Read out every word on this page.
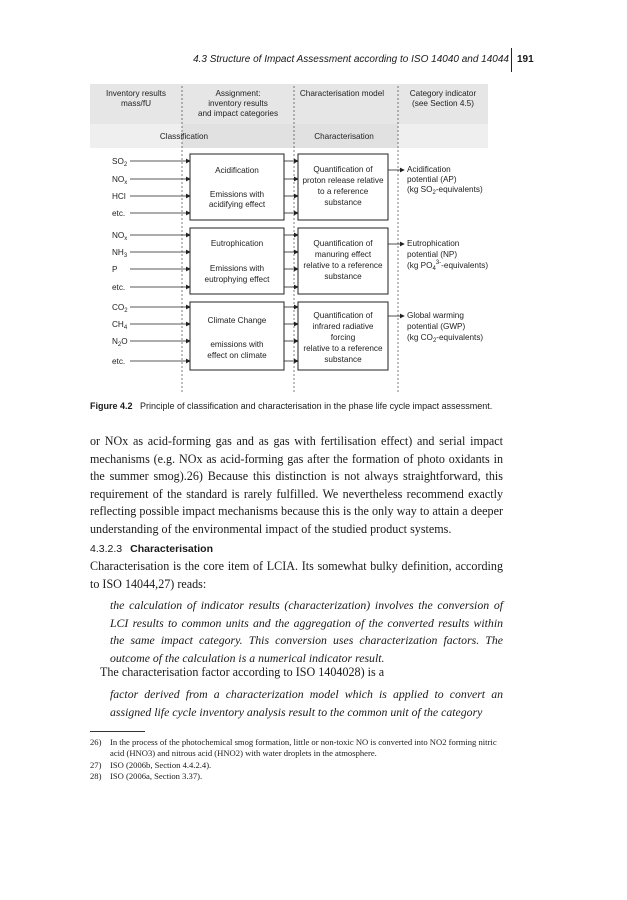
4.3 Structure of Impact Assessment according to ISO 14040 and 14044 191
Inventory results
mass/fU
Assignment:
inventory results
and impact categories
Characterisation model	Category indicator
(see Section 4.5)
Classification	Characterisation
$SO_2$
$NO_x$
HCl
etc.
Acidification
Emissions with
acidifying effect
Quantification of
proton release relative
to a reference
substance
Acidification
potential (AP)
(kg $SO_2-equivalents$)
$NO_x$
$NH_3$
P
etc.
Eutrophication
Emissions with
eutrophying effect
Quantification of
manuring effect
relative to a reference
substance
Eutrophication
potential (NP)
(kg $PO_4^{3-}-equivalents$)
$CO_2$
$CH_4$
$N_2O$
etc.
Climate Change
emissions with
effect on climate
Quantification of
infrared radiative
forcing
relative to a reference
substance
Global warming
potential (GWP)
(kg $CO_2-equivalents$)
Figure 4.2 Principle of classification and characterisation in the phase life cycle impact assessment.
or NOx as acid-forming gas and as gas with fertilisation effect) and serial impact mechanisms (e.g. NOx as acid-forming gas after the formation of photo oxidants in the summer smog).26) Because this distinction is not always straightforward, this requirement of the standard is rarely fulfilled. We nevertheless recommend exactly reflecting possible impact mechanisms because this is the only way to attain a deeper understanding of the environmental impact of the studied product systems.
4.3.2.3 Characterisation
Characterisation is the core item of LCIA. Its somewhat bulky definition, according to ISO 14044,27) reads:
the calculation of indicator results (characterization) involves the conversion of LCI results to common units and the aggregation of the converted results within the same impact category. This conversion uses characterization factors. The outcome of the calculation is a numerical indicator result.
The characterisation factor according to ISO 1404028) is a
factor derived from a characterization model which is applied to convert an assigned life cycle inventory analysis result to the common unit of the category
26) In the process of the photochemical smog formation, little or non-toxic NO is converted into NO2 forming nitric acid (HNO3) and nitrous acid (HNO2) with water droplets in the atmosphere.
27) ISO (2006b, Section 4.4.2.4).
28) ISO (2006a, Section 3.37).
